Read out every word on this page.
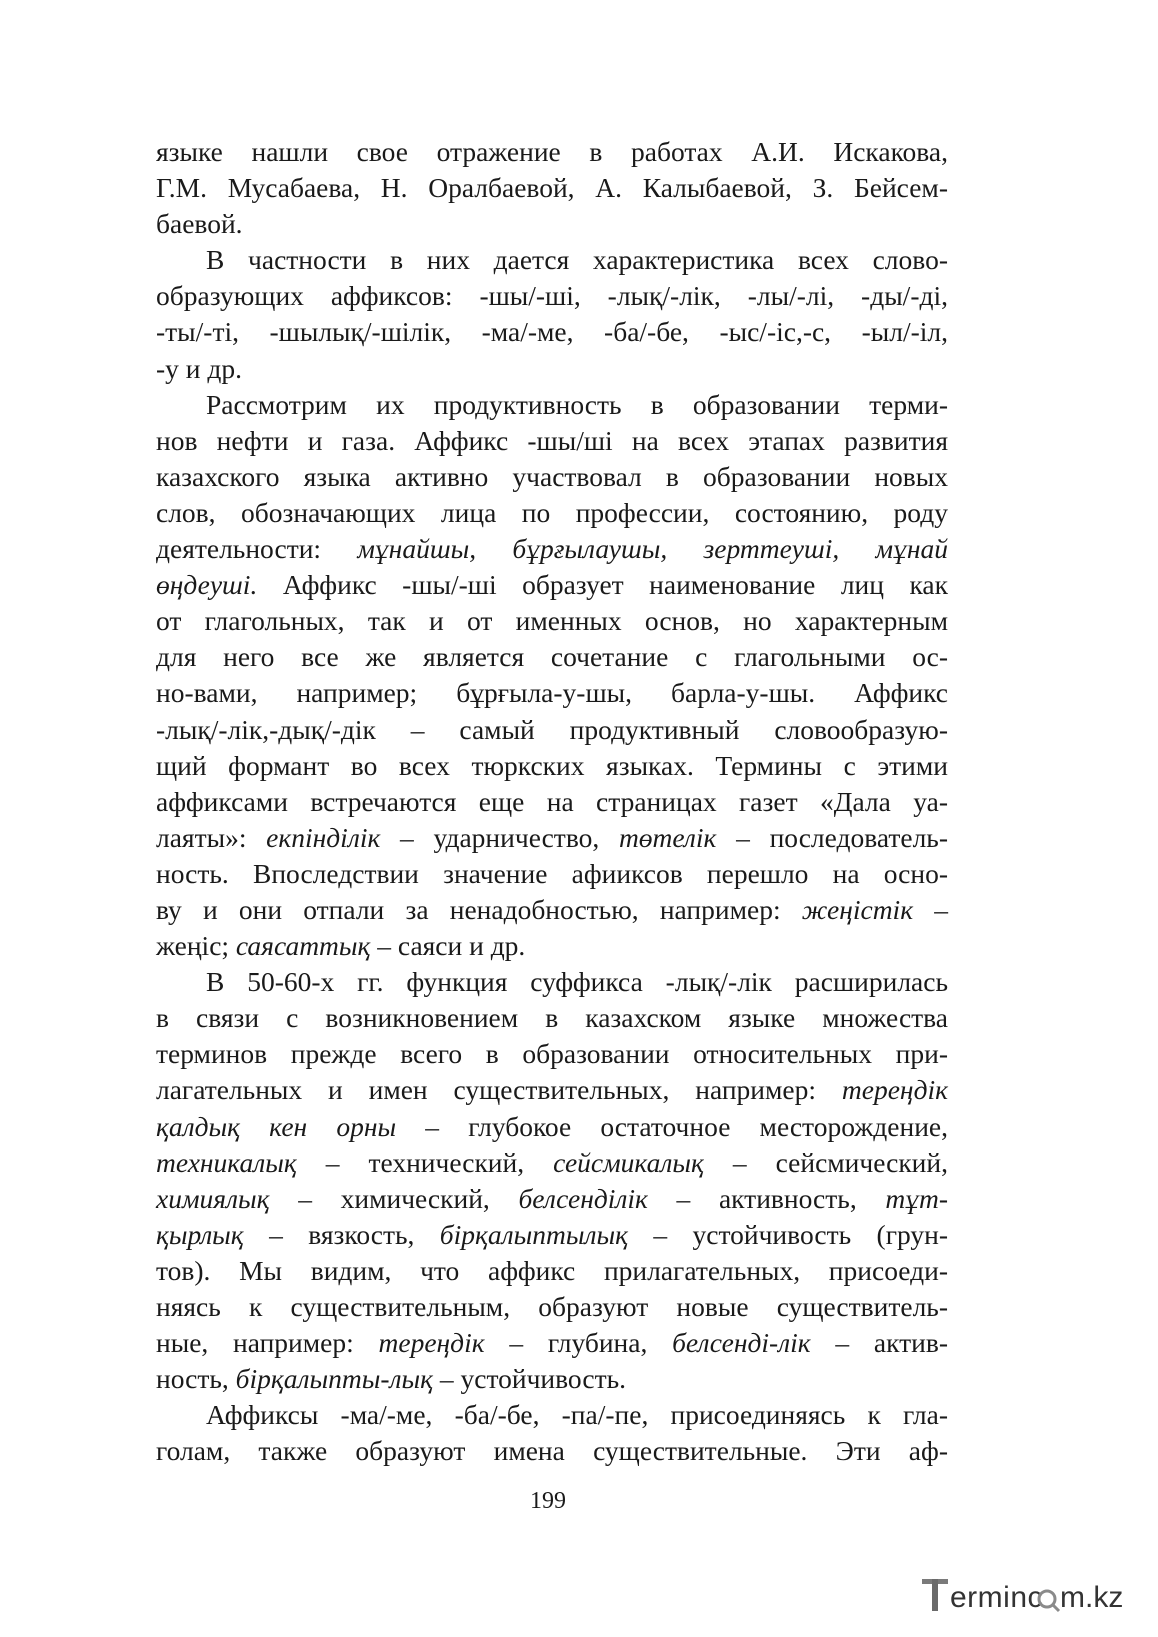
языке нашли свое отражение в работах А.И. Искакова,
Г.М. Мусабаева, Н. Оралбаевой, А. Калыбаевой, З. Бейсем-
баевой.
В частности в них дается характеристика всех слово-
образующих аффиксов: -шы/-ші, -лық/-лік, -лы/-лі, -ды/-ді,
-ты/-ті, -шылық/-шілік, -ма/-ме, -ба/-бе, -ыс/-іс,-с, -ыл/-іл,
-у и др.
Рассмотрим их продуктивность в образовании терми-
нов нефти и газа. Аффикс -шы/ші на всех этапах развития
казахского языка активно участвовал в образовании новых
слов, обозначающих лица по профессии, состоянию, роду
деятельности: мұнайшы, бұрғылаушы, зерттеуші, мұнай
өңдеуші. Аффикс -шы/-ші образует наименование лиц как
от глагольных, так и от именных основ, но характерным
для него все же является сочетание с глагольными ос-
но-вами, например; бұрғыла-у-шы, барла-у-шы. Аффикс
-лық/-лік,-дық/-дік – самый продуктивный словообразую-
щий формант во всех тюркских языках. Термины с этими
аффиксами встречаются еще на страницах газет «Дала уа-
лаяты»: екпінділік – ударничество, төтелік – последователь-
ность. Впоследствии значение афииксов перешло на осно-
ву и они отпали за ненадобностью, например: жеңістік –
жеңіс; саясаттық – саяси и др.
В 50-60-х гг. функция суффикса -лық/-лік расширилась
в связи с возникновением в казахском языке множества
терминов прежде всего в образовании относительных при-
лагательных и имен существительных, например: тереңдік
қалдық кен орны – глубокое остаточное месторождение,
техникалық – технический, сейсмикалық – сейсмический,
химиялық – химический, белсенділік – активность, тұт-
қырлық – вязкость, бірқалыптылық – устойчивость (грун-
тов). Мы видим, что аффикс прилагательных, присоеди-
няясь к существительным, образуют новые существитель-
ные, например: тереңдік – глубина, белсенді-лік – актив-
ность, бірқалыпты-лық – устойчивость.
Аффиксы -ма/-ме, -ба/-бе, -па/-пе, присоединяясь к гла-
голам, также образуют имена существительные. Эти аф-
199
erminc m.kz
